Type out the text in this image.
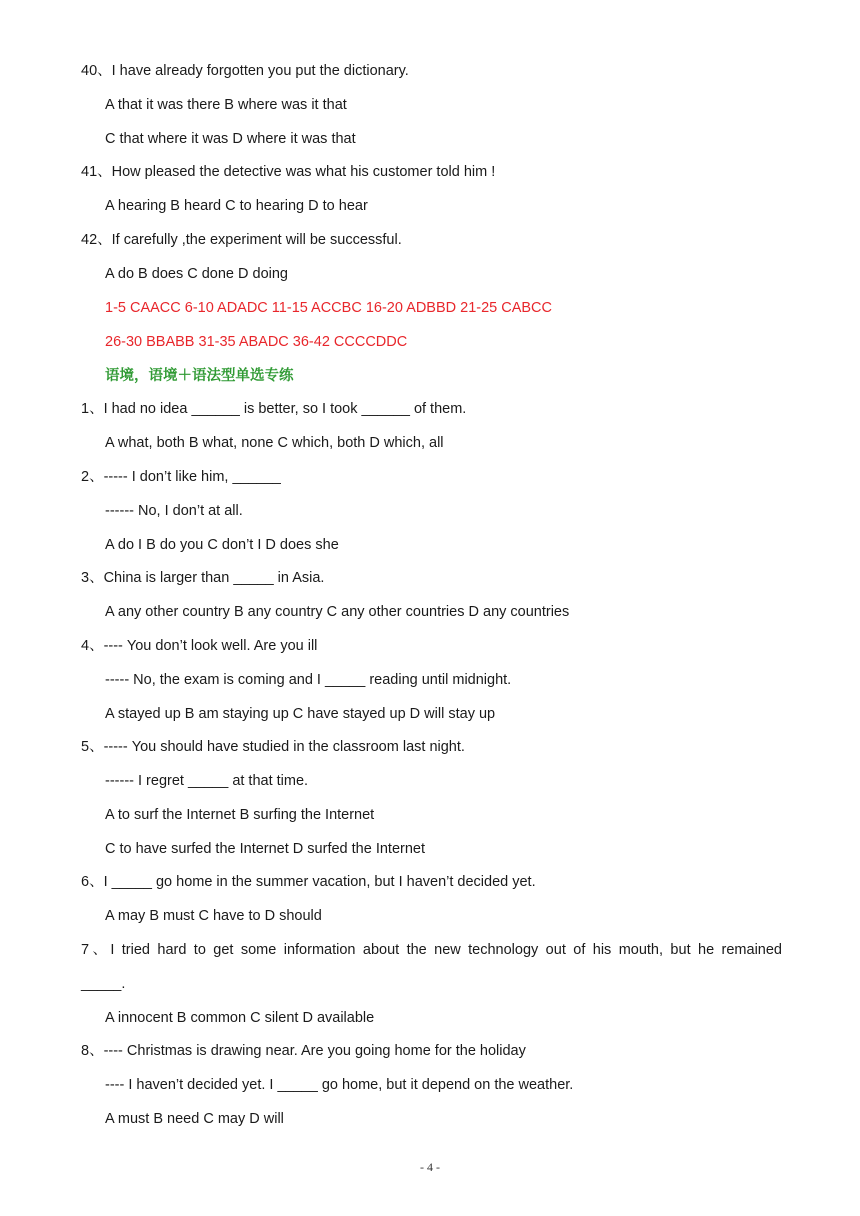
40、I have already forgotten you put the dictionary.
A that it was there B where was it that
C that where it was D where it was that
41、How pleased the detective was what his customer told him !
A hearing B heard C to hearing D to hear
42、If carefully ,the experiment will be successful.
A do B does C done D doing
1-5 CAACC 6-10 ADADC 11-15 ACCBC 16-20 ADBBD 21-25 CABCC
26-30 BBABB 31-35 ABADC 36-42 CCCCDDC
语境，语境＋语法型单选专练
1、I had no idea ______ is better, so I took ______ of them.
A what, both B what, none C which, both D which, all
2、----- I don’t like him, ______
------ No, I don’t at all.
A do I B do you C don’t I D does she
3、China is larger than _____ in Asia.
A any other country B any country C any other countries D any countries
4、---- You don’t look well. Are you ill
----- No, the exam is coming and I _____ reading until midnight.
A stayed up B am staying up C have stayed up D will stay up
5、----- You should have studied in the classroom last night.
------ I regret _____ at that time.
A to surf the Internet B surfing the Internet
C to have surfed the Internet D surfed the Internet
6、I _____ go home in the summer vacation, but I haven’t decided yet.
A may B must C have to D should
7、I tried hard to get some information about the new technology out of his mouth, but he remained
_____.
A innocent B common C silent D available
8、---- Christmas is drawing near. Are you going home for the holiday
---- I haven’t decided yet. I _____ go home, but it depend on the weather.
A must B need C may D will
- 4 -
